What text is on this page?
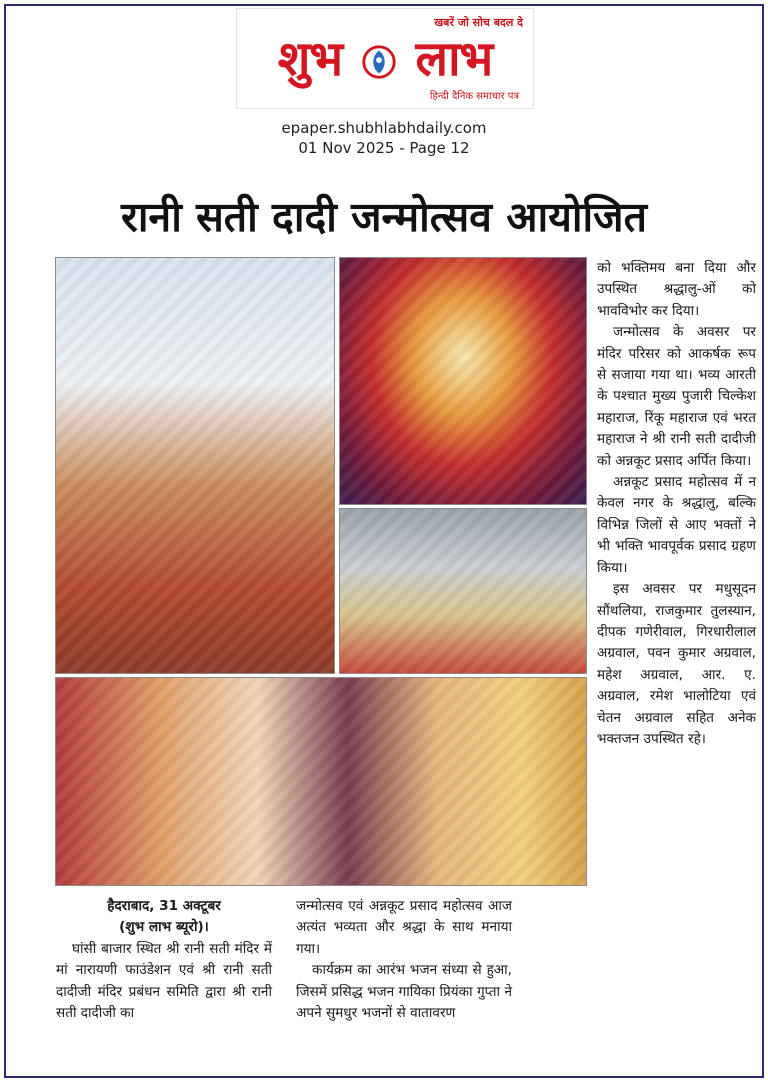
खबरें जो सोच बदल दे
शुभ लाभ
हिन्दी दैनिक समाचार पत्र
epaper.shubhlabhdaily.com
01 Nov 2025 - Page 12
रानी सती दादी जन्मोत्सव आयोजित

को भक्तिमय बना दिया और उपस्थित श्रद्धालु-ओं को भावविभोर कर दिया।

जन्मोत्सव के अवसर पर मंदिर परिसर को आकर्षक रूप से सजाया गया था। भव्य आरती के पश्चात मुख्य पुजारी चिल्केश महाराज, रिंकू महाराज एवं भरत महाराज ने श्री रानी सती दादीजी को अन्नकूट प्रसाद अर्पित किया।

अन्नकूट प्रसाद महोत्सव में न केवल नगर के श्रद्धालु, बल्कि विभिन्न जिलों से आए भक्तों ने भी भक्ति भावपूर्वक प्रसाद ग्रहण किया।

इस अवसर पर मधुसूदन सौंथलिया, राजकुमार तुलस्यान, दीपक गणेरीवाल, गिरधारीलाल अग्रवाल, पवन कुमार अग्रवाल, महेश अग्रवाल, आर. ए. अग्रवाल, रमेश भालोटिया एवं चेतन अग्रवाल सहित अनेक भक्तजन उपस्थित रहे।

हैदराबाद, 31 अक्टूबर

(शुभ लाभ ब्यूरो)।

घांसी बाजार स्थित श्री रानी सती मंदिर में मां नारायणी फाउंडेशन एवं श्री रानी सती दादीजी मंदिर प्रबंधन समिति द्वारा श्री रानी सती दादीजी का

जन्मोत्सव एवं अन्नकूट प्रसाद महोत्सव आज अत्यंत भव्यता और श्रद्धा के साथ मनाया गया।

कार्यक्रम का आरंभ भजन संध्या से हुआ, जिसमें प्रसिद्ध भजन गायिका प्रियंका गुप्ता ने अपने सुमधुर भजनों से वातावरण
